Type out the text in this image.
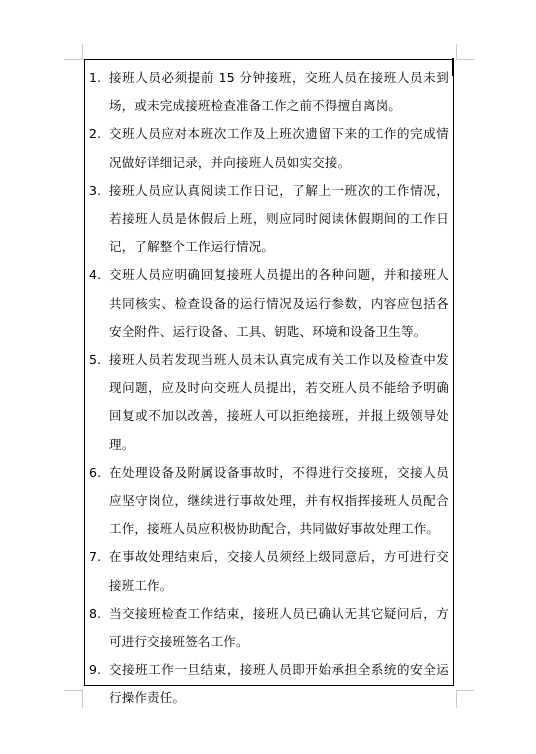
1. 接班人员必须提前 15 分钟接班，交班人员在接班人员未到场，或未完成接班检查准备工作之前不得擅自离岗。
2. 交班人员应对本班次工作及上班次遗留下来的工作的完成情况做好详细记录，并向接班人员如实交接。
3. 接班人员应认真阅读工作日记，了解上一班次的工作情况，若接班人员是休假后上班，则应同时阅读休假期间的工作日记，了解整个工作运行情况。
4. 交班人员应明确回复接班人员提出的各种问题，并和接班人共同核实、检查设备的运行情况及运行参数，内容应包括各安全附件、运行设备、工具、钥匙、环境和设备卫生等。
5. 接班人员若发现当班人员未认真完成有关工作以及检查中发现问题，应及时向交班人员提出，若交班人员不能给予明确回复或不加以改善，接班人可以拒绝接班，并报上级领导处理。
6. 在处理设备及附属设备事故时，不得进行交接班，交接人员应坚守岗位，继续进行事故处理，并有权指挥接班人员配合工作，接班人员应积极协助配合，共同做好事故处理工作。
7. 在事故处理结束后，交接人员须经上级同意后，方可进行交接班工作。
8. 当交接班检查工作结束，接班人员已确认无其它疑问后，方可进行交接班签名工作。
9. 交接班工作一旦结束，接班人员即开始承担全系统的安全运行操作责任。
